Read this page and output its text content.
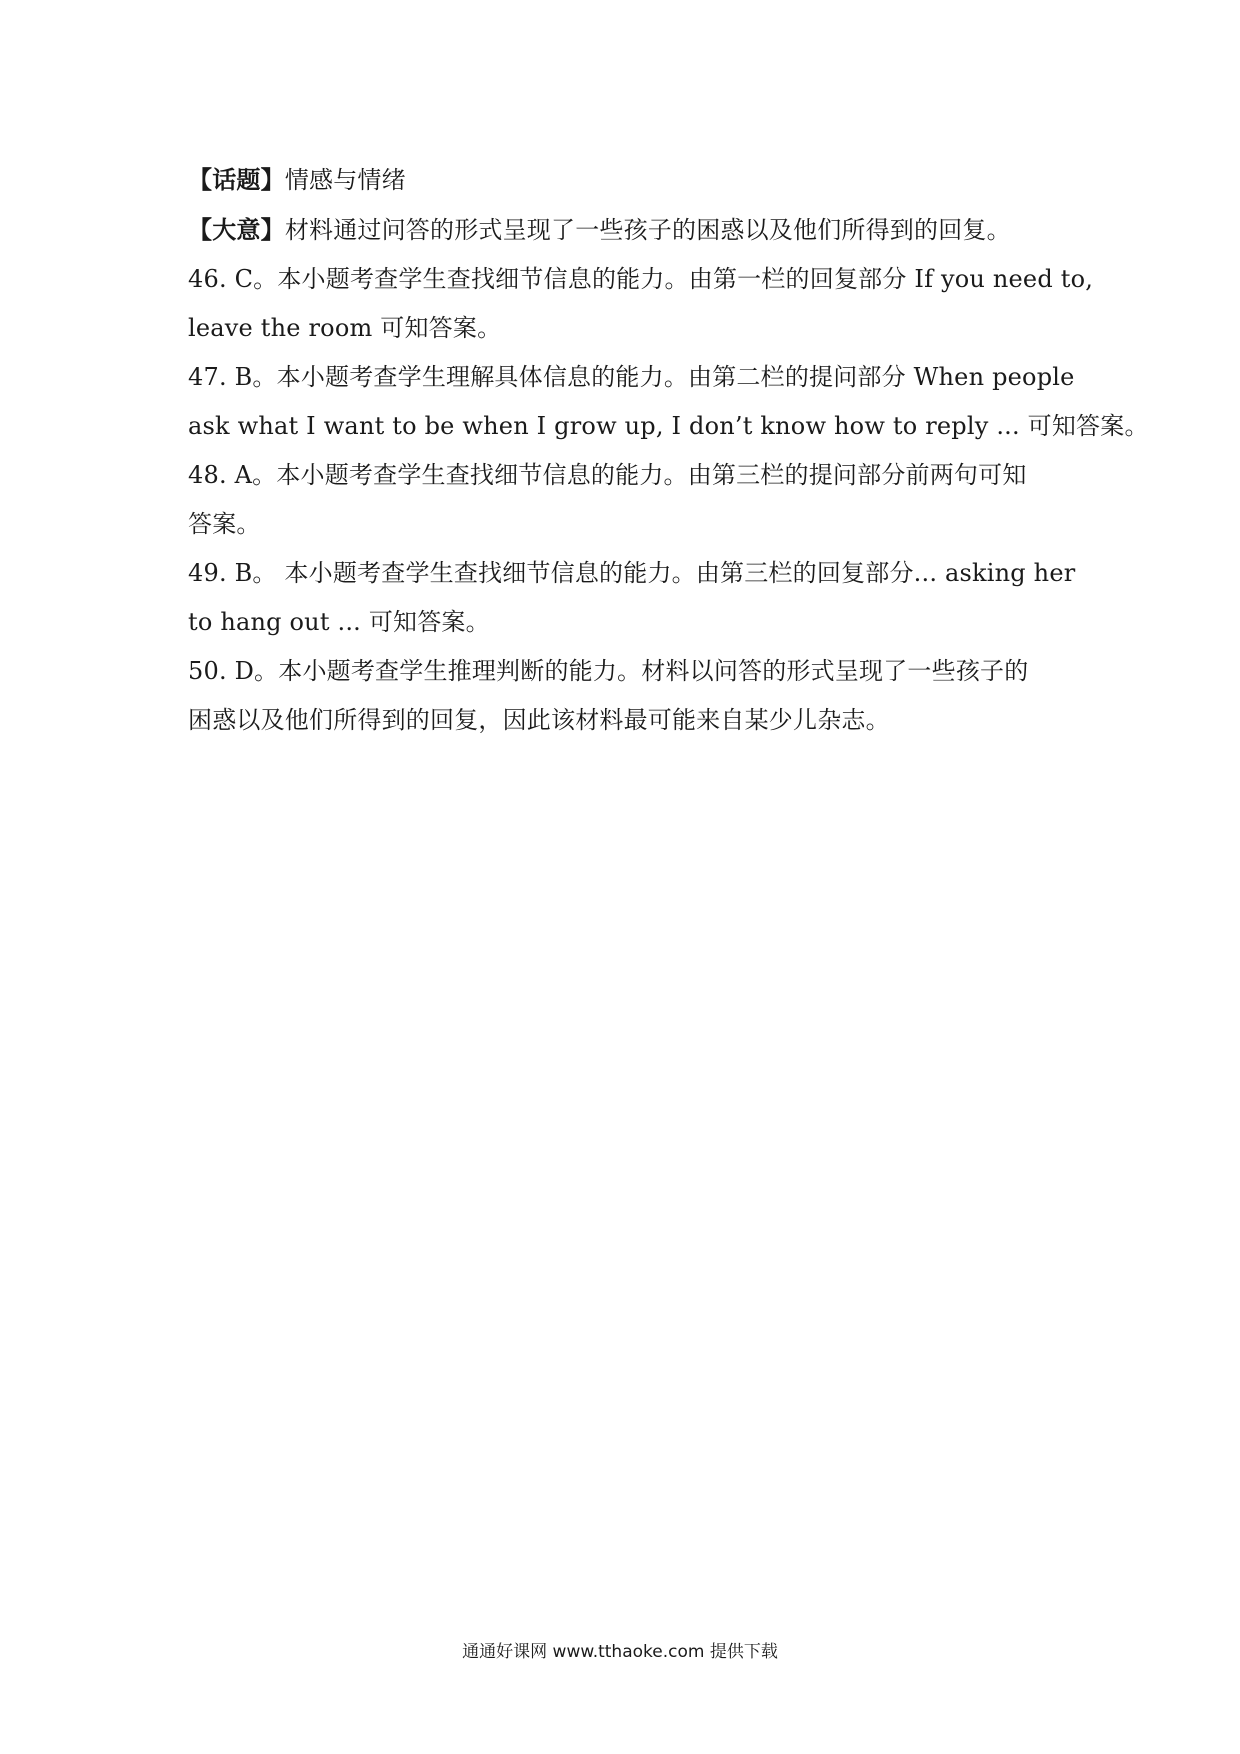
【话题】情感与情绪
【大意】材料通过问答的形式呈现了一些孩子的困惑以及他们所得到的回复。
46. C。本小题考查学生查找细节信息的能力。由第一栏的回复部分 If you need to,
leave the room 可知答案。
47. B。本小题考查学生理解具体信息的能力。由第二栏的提问部分 When people
ask what I want to be when I grow up, I don’t know how to reply ... 可知答案。
48. A。本小题考查学生查找细节信息的能力。由第三栏的提问部分前两句可知
答案。
49. B。 本小题考查学生查找细节信息的能力。由第三栏的回复部分... asking her
to hang out ... 可知答案。
50. D。本小题考查学生推理判断的能力。材料以问答的形式呈现了一些孩子的
困惑以及他们所得到的回复，因此该材料最可能来自某少儿杂志。
通通好课网 www.tthaoke.com 提供下载
